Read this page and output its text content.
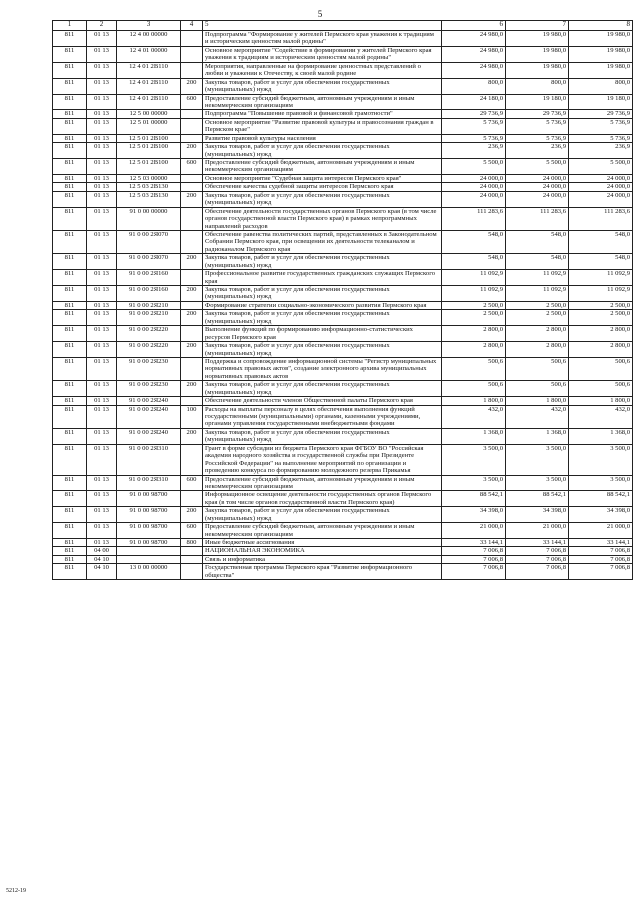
5
1	2	3	4	5	6	7	8
811	01 13	12 4 00 00000		Подпрограмма "Формирование у жителей Пермского края уважения к традициям и историческим ценностям малой родины"	24 980,0	19 980,0	19 980,0
811	01 13	12 4 01 00000		Основное мероприятие "Содействие в формировании у жителей Пермского края уважения к традициям и историческим ценностям малой родины"	24 980,0	19 980,0	19 980,0
811	01 13	12 4 01 2В110		Мероприятия, направленные на формирование ценностных представлений о любви и уважении к Отечеству, к своей малой родине	24 980,0	19 980,0	19 980,0
811	01 13	12 4 01 2В110	200	Закупка товаров, работ и услуг для обеспечения государственных (муниципальных) нужд	800,0	800,0	800,0
811	01 13	12 4 01 2В110	600	Предоставление субсидий бюджетным, автономным учреждениям и иным некоммерческим организациям	24 180,0	19 180,0	19 180,0
811	01 13	12 5 00 00000		Подпрограмма "Повышение правовой и финансовой грамотности"	29 736,9	29 736,9	29 736,9
811	01 13	12 5 01 00000		Основное мероприятие "Развитие правовой культуры и правосознания граждан в Пермском крае"	5 736,9	5 736,9	5 736,9
811	01 13	12 5 01 2В100		Развитие правовой культуры населения	5 736,9	5 736,9	5 736,9
811	01 13	12 5 01 2В100	200	Закупка товаров, работ и услуг для обеспечения государственных (муниципальных) нужд	236,9	236,9	236,9
811	01 13	12 5 01 2В100	600	Предоставление субсидий бюджетным, автономным учреждениям и иным некоммерческим организациям	5 500,0	5 500,0	5 500,0
811	01 13	12 5 03 00000		Основное мероприятие "Судебная защита интересов Пермского края"	24 000,0	24 000,0	24 000,0
811	01 13	12 5 03 2В130		Обеспечение качества судебной защиты интересов Пермского края	24 000,0	24 000,0	24 000,0
811	01 13	12 5 03 2В130	200	Закупка товаров, работ и услуг для обеспечения государственных (муниципальных) нужд	24 000,0	24 000,0	24 000,0
811	01 13	91 0 00 00000		Обеспечение деятельности государственных органов Пермского края (в том числе органов государственной власти Пермского края) в рамках непрограммных направлений расходов	111 283,6	111 283,6	111 283,6
811	01 13	91 0 00 2Я070		Обеспечение равенства политических партий, представленных в Законодательном Собрании Пермского края, при освещении их деятельности телеканалом и радиоканалом Пермского края	548,0	548,0	548,0
811	01 13	91 0 00 2Я070	200	Закупка товаров, работ и услуг для обеспечения государственных (муниципальных) нужд	548,0	548,0	548,0
811	01 13	91 0 00 2Я160		Профессиональное развитие государственных гражданских служащих Пермского края	11 092,9	11 092,9	11 092,9
811	01 13	91 0 00 2Я160	200	Закупка товаров, работ и услуг для обеспечения государственных (муниципальных) нужд	11 092,9	11 092,9	11 092,9
811	01 13	91 0 00 2Я210		Формирование стратегии социально-экономического развития Пермского края	2 500,0	2 500,0	2 500,0
811	01 13	91 0 00 2Я210	200	Закупка товаров, работ и услуг для обеспечения государственных (муниципальных) нужд	2 500,0	2 500,0	2 500,0
811	01 13	91 0 00 2Я220		Выполнение функций по формированию информационно-статистических ресурсов Пермского края	2 800,0	2 800,0	2 800,0
811	01 13	91 0 00 2Я220	200	Закупка товаров, работ и услуг для обеспечения государственных (муниципальных) нужд	2 800,0	2 800,0	2 800,0
811	01 13	91 0 00 2Я230		Поддержка и сопровождение информационной системы "Регистр муниципальных нормативных правовых актов", создание электронного архива муниципальных нормативных правовых актов	500,6	500,6	500,6
811	01 13	91 0 00 2Я230	200	Закупка товаров, работ и услуг для обеспечения государственных (муниципальных) нужд	500,6	500,6	500,6
811	01 13	91 0 00 2Я240		Обеспечение деятельности членов Общественной палаты Пермского края	1 800,0	1 800,0	1 800,0
811	01 13	91 0 00 2Я240	100	Расходы на выплаты персоналу в целях обеспечения выполнения функций государственными (муниципальными) органами, казенными учреждениями, органами управления государственными внебюджетными фондами	432,0	432,0	432,0
811	01 13	91 0 00 2Я240	200	Закупка товаров, работ и услуг для обеспечения государственных (муниципальных) нужд	1 368,0	1 368,0	1 368,0
811	01 13	91 0 00 2Я310		Грант в форме субсидии из бюджета Пермского края ФГБОУ ВО "Российская академия народного хозяйства и государственной службы при Президенте Российской Федерации" на выполнение мероприятий по организации и проведению конкурса по формированию молодежного резерва Прикамья	3 500,0	3 500,0	3 500,0
811	01 13	91 0 00 2Я310	600	Предоставление субсидий бюджетным, автономным учреждениям и иным некоммерческим организациям	3 500,0	3 500,0	3 500,0
811	01 13	91 0 00 98700		Информационное освещение деятельности государственных органов Пермского края (в том числе органов государственной власти Пермского края)	88 542,1	88 542,1	88 542,1
811	01 13	91 0 00 98700	200	Закупка товаров, работ и услуг для обеспечения государственных (муниципальных) нужд	34 398,0	34 398,0	34 398,0
811	01 13	91 0 00 98700	600	Предоставление субсидий бюджетным, автономным учреждениям и иным некоммерческим организациям	21 000,0	21 000,0	21 000,0
811	01 13	91 0 00 98700	800	Иные бюджетные ассигнования	33 144,1	33 144,1	33 144,1
811	04 00			НАЦИОНАЛЬНАЯ ЭКОНОМИКА	7 006,8	7 006,8	7 006,8
811	04 10			Связь и информатика	7 006,8	7 006,8	7 006,8
811	04 10	13 0 00 00000		Государственная программа Пермского края "Развитие информационного общества"	7 006,8	7 006,8	7 006,8
5212-19
